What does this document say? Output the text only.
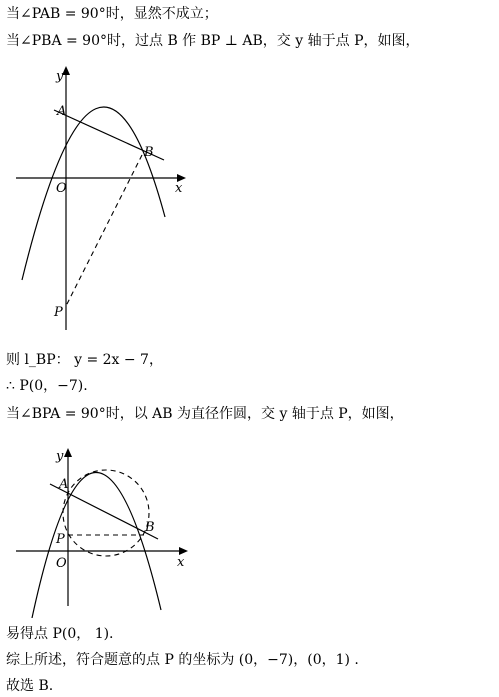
当∠PAB = 90°时，显然不成立；
当∠PBA = 90°时，过点 B 作 BP ⊥ AB，交 y 轴于点 P，如图，
y
x
A
B
O
P
则 l_BP： y = 2x − 7，
∴ P(0，−7).
当∠BPA = 90°时，以 AB 为直径作圆，交 y 轴于点 P，如图，
y
x
A
B
O
P
易得点 P(0， 1).
综上所述，符合题意的点 P 的坐标为 (0，−7)，(0，1) .
故选 B.
